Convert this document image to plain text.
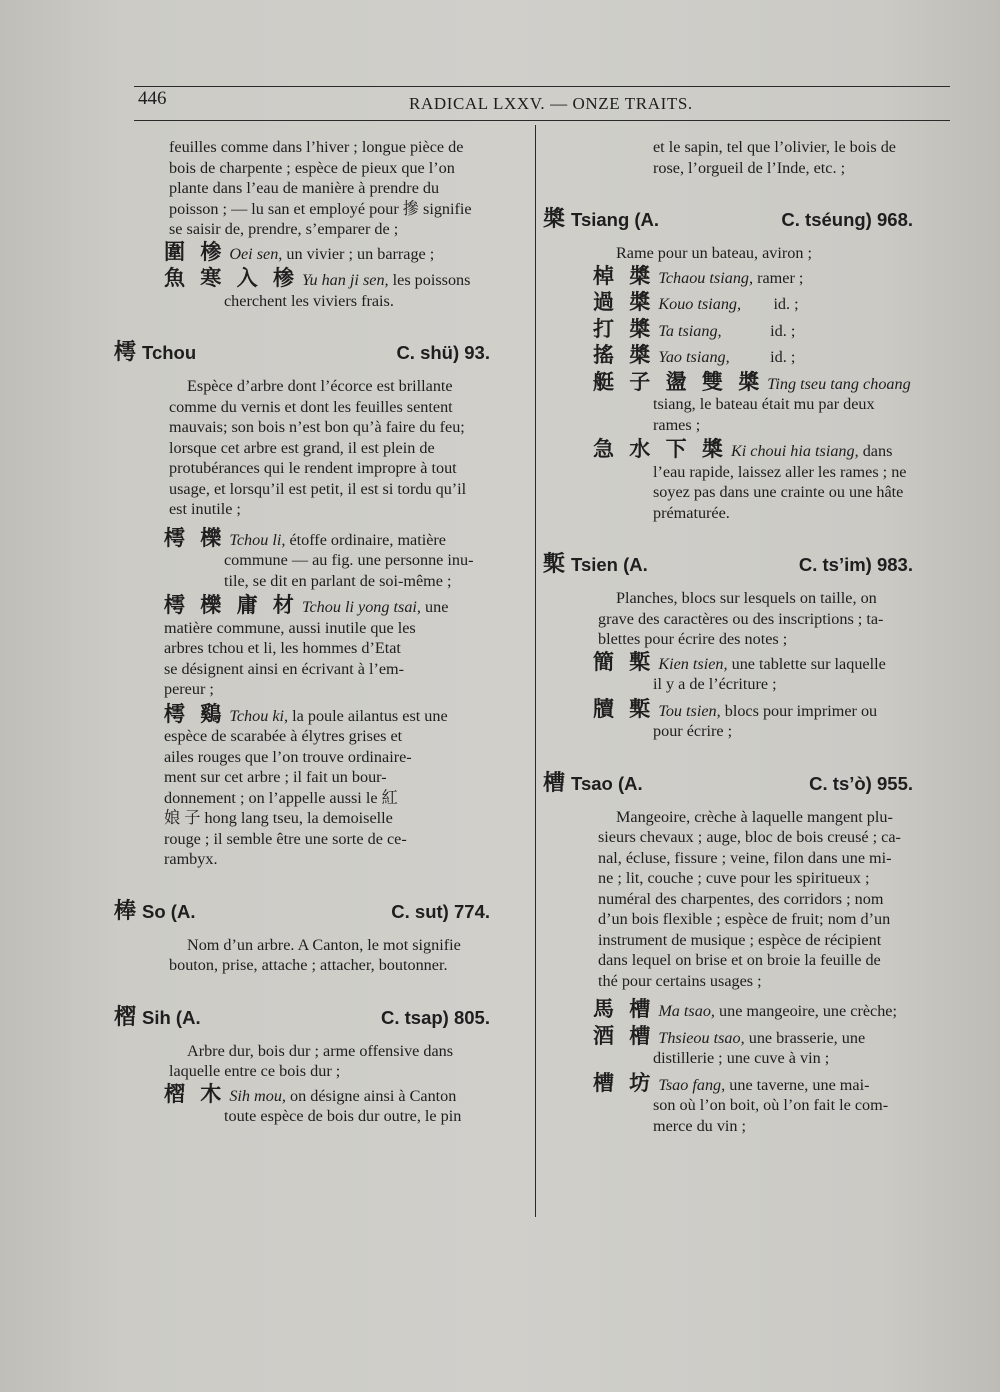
446	RADICAL LXXV. — ONZE TRAITS.

feuilles comme dans l’hiver ; longue pièce de

bois de charpente ; espèce de pieux que l’on

plante dans l’eau de manière à prendre du

poisson ; — lu san et employé pour 摻 signifie

se saisir de, prendre, s’emparer de ;

圍 椮 Oei sen, un vivier ; un barrage ;

魚 寒 入 椮 Yu han ji sen, les poissons

cherchent les viviers frais.

樗 Tchou	C. shü) 93.

Espèce d’arbre dont l’écorce est brillante

comme du vernis et dont les feuilles sentent

mauvais; son bois n’est bon qu’à faire du feu;

lorsque cet arbre est grand, il est plein de

protubérances qui le rendent impropre à tout

usage, et lorsqu’il est petit, il est si tordu qu’il

est inutile ;

樗 櫟 Tchou li, étoffe ordinaire, matière

commune — au fig. une personne inu-

tile, se dit en parlant de soi-même ;

樗 櫟 庸 材 Tchou li yong tsai, une

matière commune, aussi inutile que les

arbres tchou et li, les hommes d’Etat

se désignent ainsi en écrivant à l’em-

pereur ;

樗 鷄 Tchou ki, la poule ailantus est une

espèce de scarabée à élytres grises et

ailes rouges que l’on trouve ordinaire-

ment sur cet arbre ; il fait un bour-

donnement ; on l’appelle aussi le 紅

娘 子 hong lang tseu, la demoiselle

rouge ; il semble être une sorte de ce-

rambyx.

棒 So (A.	C. sut) 774.

Nom d’un arbre. A Canton, le mot signifie

bouton, prise, attache ; attacher, boutonner.

槢 Sih (A.	C. tsap) 805.

Arbre dur, bois dur ; arme offensive dans

laquelle entre ce bois dur ;

槢 木 Sih mou, on désigne ainsi à Canton

toute espèce de bois dur outre, le pin

et le sapin, tel que l’olivier, le bois de

rose, l’orgueil de l’Inde, etc. ;

槳 Tsiang (A.	C. tséung) 968.

Rame pour un bateau, aviron ;

棹 槳 Tchaou tsiang, ramer ;

過 槳 Kouo tsiang,        id. ;

打 槳 Ta tsiang,            id. ;

搖 槳 Yao tsiang,          id. ;

艇 子 盪 雙 槳 Ting tseu tang choang

tsiang, le bateau était mu par deux

rames ;

急 水 下 槳 Ki choui hia tsiang, dans

l’eau rapide, laissez aller les rames ; ne

soyez pas dans une crainte ou une hâte

prématurée.

槧 Tsien (A.	C. ts’im) 983.

Planches, blocs sur lesquels on taille, on

grave des caractères ou des inscriptions ; ta-

blettes pour écrire des notes ;

簡 槧 Kien tsien, une tablette sur laquelle

il y a de l’écriture ;

牘 槧 Tou tsien, blocs pour imprimer ou

pour écrire ;

槽 Tsao (A.	C. ts’ò) 955.

Mangeoire, crèche à laquelle mangent plu-

sieurs chevaux ; auge, bloc de bois creusé ; ca-

nal, écluse, fissure ; veine, filon dans une mi-

ne ; lit, couche ; cuve pour les spiritueux ;

numéral des charpentes, des corridors ; nom

d’un bois flexible ; espèce de fruit; nom d’un

instrument de musique ; espèce de récipient

dans lequel on brise et on broie la feuille de

thé pour certains usages ;

馬 槽 Ma tsao, une mangeoire, une crèche;

酒 槽 Thsieou tsao, une brasserie, une

distillerie ; une cuve à vin ;

槽 坊 Tsao fang, une taverne, une mai-

son où l’on boit, où l’on fait le com-

merce du vin ;
